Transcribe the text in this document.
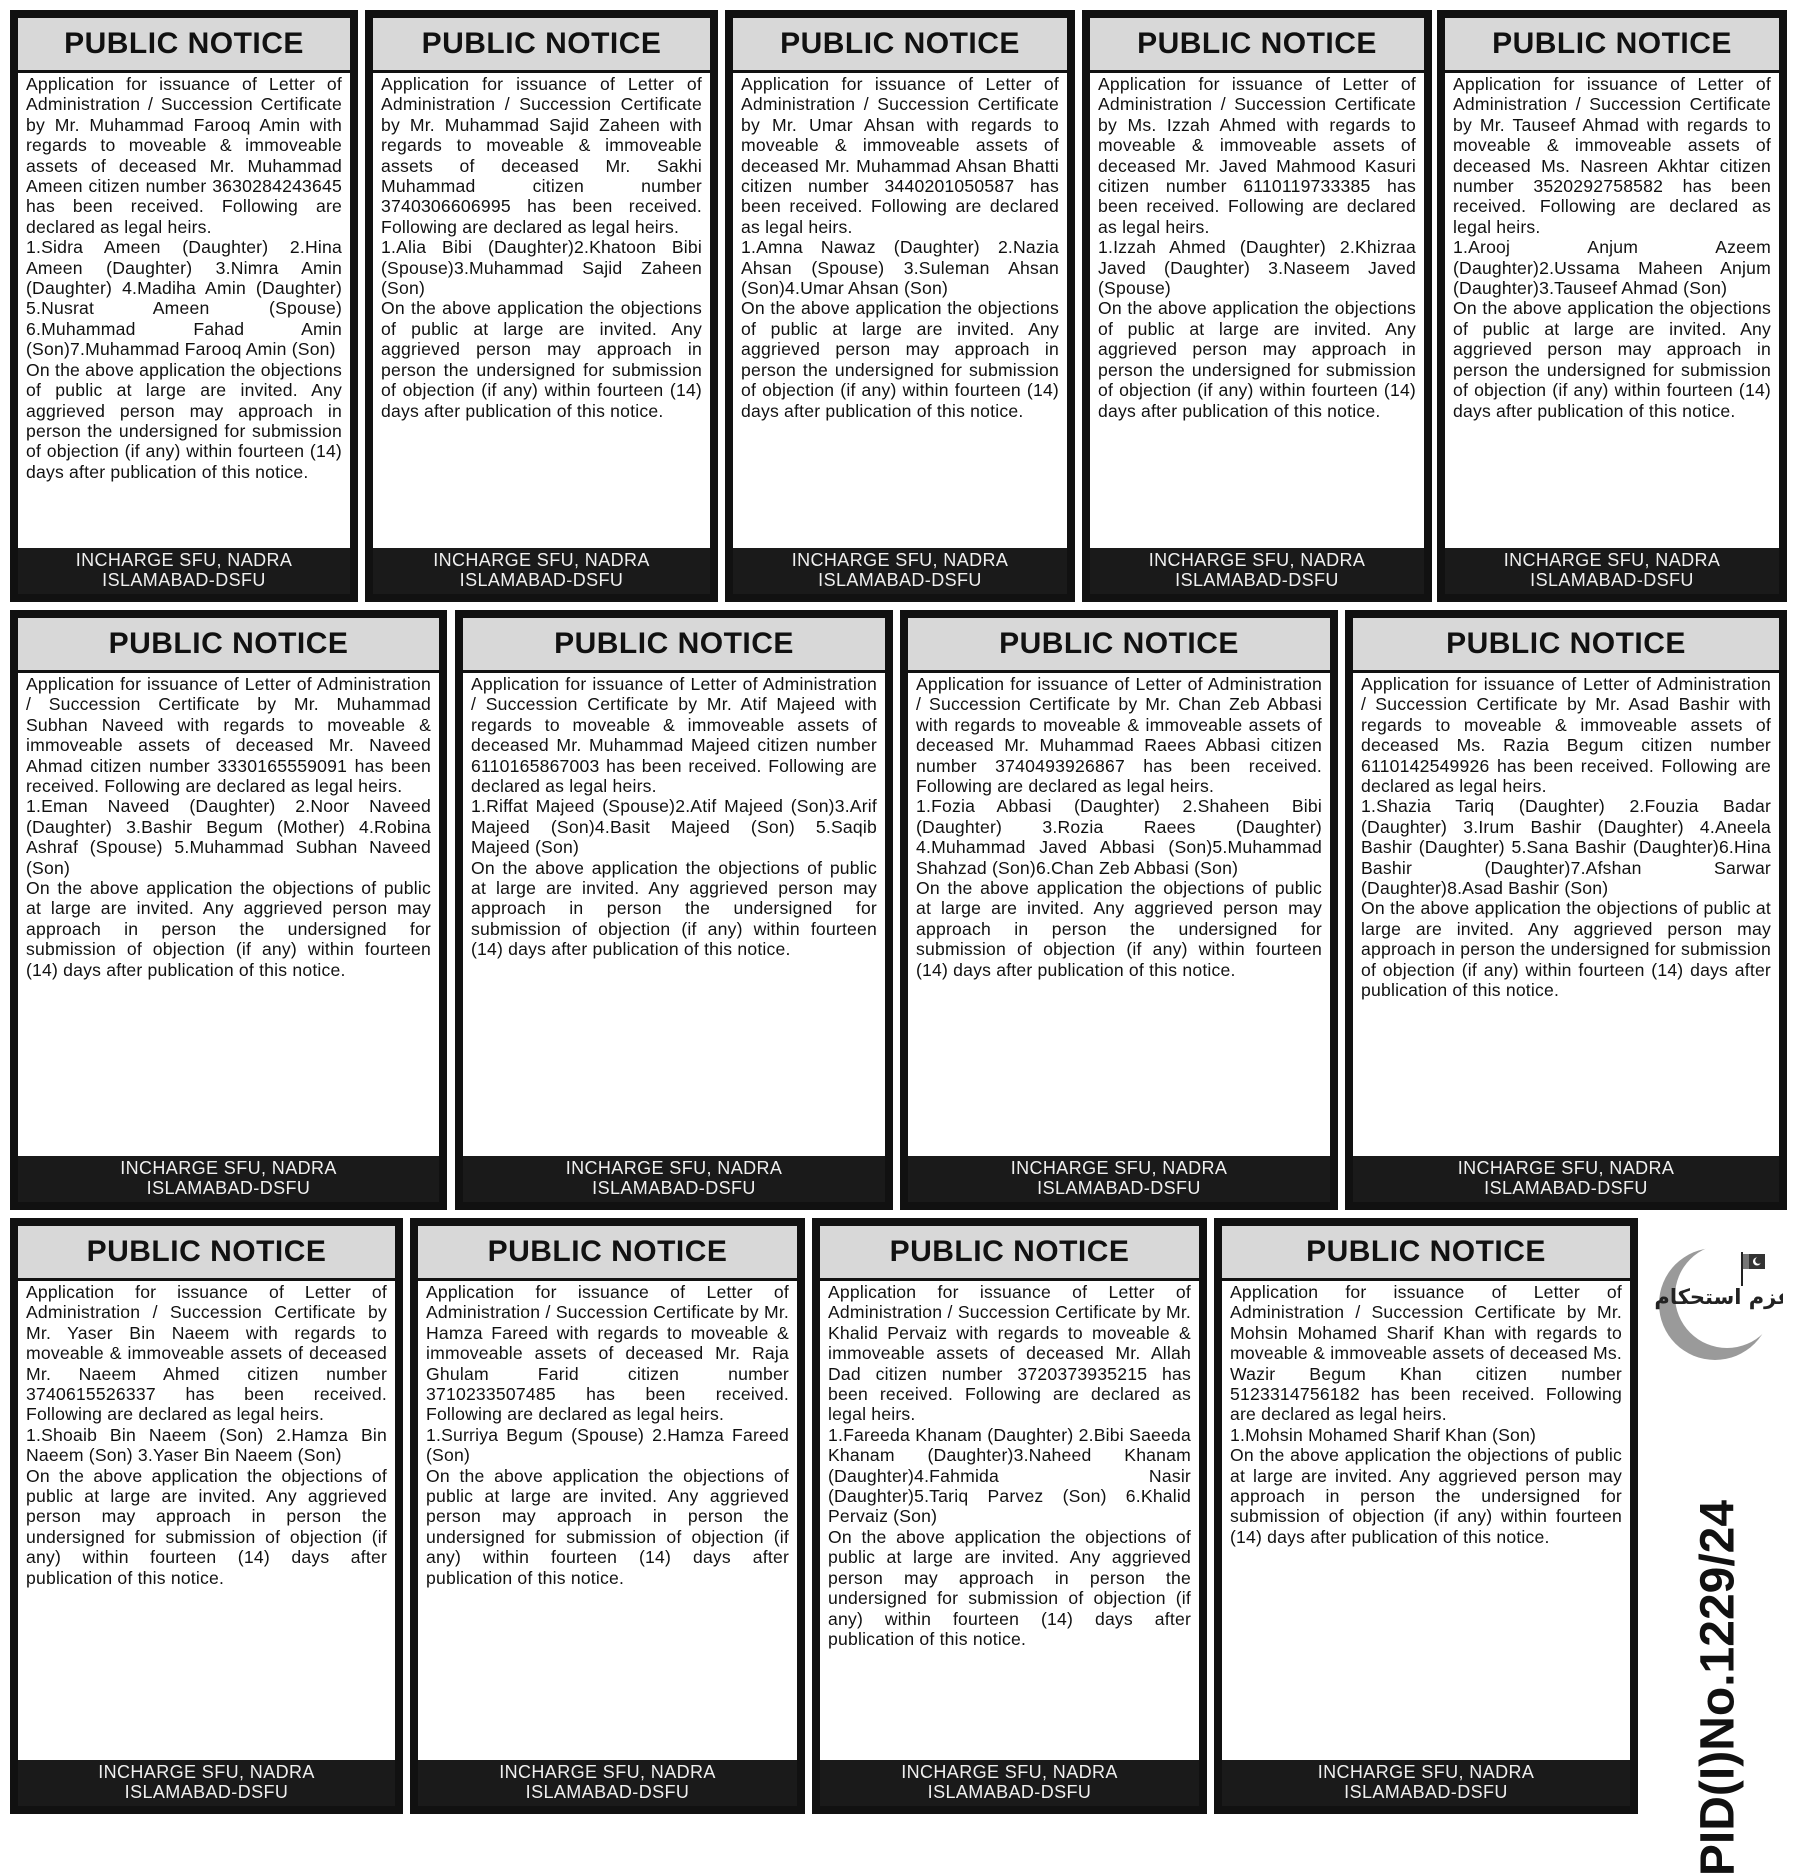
PUBLIC NOTICE

Application for issuance of Letter of Administration / Succession Certificate by Mr. Muhammad Farooq Amin with regards to moveable & immoveable assets of deceased Mr. Muhammad Ameen citizen number 3630284243645 has been received. Following are declared as legal heirs.

1.Sidra Ameen (Daughter) 2.Hina Ameen (Daughter) 3.Nimra Amin (Daughter) 4.Madiha Amin (Daughter) 5.Nusrat Ameen (Spouse) 6.Muhammad Fahad Amin (Son)7.Muhammad Farooq Amin (Son)

On the above application the objections of public at large are invited. Any aggrieved person may approach in person the undersigned for submission of objection (if any) within fourteen (14) days after publication of this notice.

INCHARGE SFU, NADRA
ISLAMABAD-DSFU
PUBLIC NOTICE

Application for issuance of Letter of Administration / Succession Certificate by Mr. Muhammad Sajid Zaheen with regards to moveable & immoveable assets of deceased Mr. Sakhi Muhammad citizen number 3740306606995 has been received. Following are declared as legal heirs.

1.Alia Bibi (Daughter)2.Khatoon Bibi (Spouse)3.Muhammad Sajid Zaheen (Son)

On the above application the objections of public at large are invited. Any aggrieved person may approach in person the undersigned for submission of objection (if any) within fourteen (14) days after publication of this notice.

INCHARGE SFU, NADRA
ISLAMABAD-DSFU
PUBLIC NOTICE

Application for issuance of Letter of Administration / Succession Certificate by Mr. Umar Ahsan with regards to moveable & immoveable assets of deceased Mr. Muhammad Ahsan Bhatti citizen number 3440201050587 has been received. Following are declared as legal heirs.

1.Amna Nawaz (Daughter) 2.Nazia Ahsan (Spouse) 3.Suleman Ahsan (Son)4.Umar Ahsan (Son)

On the above application the objections of public at large are invited. Any aggrieved person may approach in person the undersigned for submission of objection (if any) within fourteen (14) days after publication of this notice.

INCHARGE SFU, NADRA
ISLAMABAD-DSFU
PUBLIC NOTICE

Application for issuance of Letter of Administration / Succession Certificate by Ms. Izzah Ahmed with regards to moveable & immoveable assets of deceased Mr. Javed Mahmood Kasuri citizen number 6110119733385 has been received. Following are declared as legal heirs.

1.Izzah Ahmed (Daughter) 2.Khizraa Javed (Daughter) 3.Naseem Javed (Spouse)

On the above application the objections of public at large are invited. Any aggrieved person may approach in person the undersigned for submission of objection (if any) within fourteen (14) days after publication of this notice.

INCHARGE SFU, NADRA
ISLAMABAD-DSFU
PUBLIC NOTICE

Application for issuance of Letter of Administration / Succession Certificate by Mr. Tauseef Ahmad with regards to moveable & immoveable assets of deceased Ms. Nasreen Akhtar citizen number 3520292758582 has been received. Following are declared as legal heirs.

1.Arooj Anjum Azeem (Daughter)2.Ussama Maheen Anjum (Daughter)3.Tauseef Ahmad (Son)

On the above application the objections of public at large are invited. Any aggrieved person may approach in person the undersigned for submission of objection (if any) within fourteen (14) days after publication of this notice.

INCHARGE SFU, NADRA
ISLAMABAD-DSFU
PUBLIC NOTICE

Application for issuance of Letter of Administration / Succession Certificate by Mr. Muhammad Subhan Naveed with regards to moveable & immoveable assets of deceased Mr. Naveed Ahmad citizen number 3330165559091 has been received. Following are declared as legal heirs.

1.Eman Naveed (Daughter) 2.Noor Naveed (Daughter) 3.Bashir Begum (Mother) 4.Robina Ashraf (Spouse) 5.Muhammad Subhan Naveed (Son)

On the above application the objections of public at large are invited. Any aggrieved person may approach in person the undersigned for submission of objection (if any) within fourteen (14) days after publication of this notice.

INCHARGE SFU, NADRA
ISLAMABAD-DSFU
PUBLIC NOTICE

Application for issuance of Letter of Administration / Succession Certificate by Mr. Atif Majeed with regards to moveable & immoveable assets of deceased Mr. Muhammad Majeed citizen number 6110165867003 has been received. Following are declared as legal heirs.

1.Riffat Majeed (Spouse)2.Atif Majeed (Son)3.Arif Majeed (Son)4.Basit Majeed (Son) 5.Saqib Majeed (Son)

On the above application the objections of public at large are invited. Any aggrieved person may approach in person the undersigned for submission of objection (if any) within fourteen (14) days after publication of this notice.

INCHARGE SFU, NADRA
ISLAMABAD-DSFU
PUBLIC NOTICE

Application for issuance of Letter of Administration / Succession Certificate by Mr. Chan Zeb Abbasi with regards to moveable & immoveable assets of deceased Mr. Muhammad Raees Abbasi citizen number 3740493926867 has been received. Following are declared as legal heirs.

1.Fozia Abbasi (Daughter) 2.Shaheen Bibi (Daughter) 3.Rozia Raees (Daughter) 4.Muhammad Javed Abbasi (Son)5.Muhammad Shahzad (Son)6.Chan Zeb Abbasi (Son)

On the above application the objections of public at large are invited. Any aggrieved person may approach in person the undersigned for submission of objection (if any) within fourteen (14) days after publication of this notice.

INCHARGE SFU, NADRA
ISLAMABAD-DSFU
PUBLIC NOTICE

Application for issuance of Letter of Administration / Succession Certificate by Mr. Asad Bashir with regards to moveable & immoveable assets of deceased Ms. Razia Begum citizen number 6110142549926 has been received. Following are declared as legal heirs.

1.Shazia Tariq (Daughter) 2.Fouzia Badar (Daughter) 3.Irum Bashir (Daughter) 4.Aneela Bashir (Daughter) 5.Sana Bashir (Daughter)6.Hina Bashir (Daughter)7.Afshan Sarwar (Daughter)8.Asad Bashir (Son)

On the above application the objections of public at large are invited. Any aggrieved person may approach in person the undersigned for submission of objection (if any) within fourteen (14) days after publication of this notice.

INCHARGE SFU, NADRA
ISLAMABAD-DSFU
PUBLIC NOTICE

Application for issuance of Letter of Administration / Succession Certificate by Mr. Yaser Bin Naeem with regards to moveable & immoveable assets of deceased Mr. Naeem Ahmed citizen number 3740615526337 has been received. Following are declared as legal heirs.

1.Shoaib Bin Naeem (Son) 2.Hamza Bin Naeem (Son) 3.Yaser Bin Naeem (Son)

On the above application the objections of public at large are invited. Any aggrieved person may approach in person the undersigned for submission of objection (if any) within fourteen (14) days after publication of this notice.

INCHARGE SFU, NADRA
ISLAMABAD-DSFU
PUBLIC NOTICE

Application for issuance of Letter of Administration / Succession Certificate by Mr. Hamza Fareed with regards to moveable & immoveable assets of deceased Mr. Raja Ghulam Farid citizen number 3710233507485 has been received. Following are declared as legal heirs.

1.Surriya Begum (Spouse) 2.Hamza Fareed (Son)

On the above application the objections of public at large are invited. Any aggrieved person may approach in person the undersigned for submission of objection (if any) within fourteen (14) days after publication of this notice.

INCHARGE SFU, NADRA
ISLAMABAD-DSFU
PUBLIC NOTICE

Application for issuance of Letter of Administration / Succession Certificate by Mr. Khalid Pervaiz with regards to moveable & immoveable assets of deceased Mr. Allah Dad citizen number 3720373935215 has been received. Following are declared as legal heirs.

1.Fareeda Khanam (Daughter) 2.Bibi Saeeda Khanam (Daughter)3.Naheed Khanam (Daughter)4.Fahmida Nasir (Daughter)5.Tariq Parvez (Son) 6.Khalid Pervaiz (Son)

On the above application the objections of public at large are invited. Any aggrieved person may approach in person the undersigned for submission of objection (if any) within fourteen (14) days after publication of this notice.

INCHARGE SFU, NADRA
ISLAMABAD-DSFU
PUBLIC NOTICE

Application for issuance of Letter of Administration / Succession Certificate by Mr. Mohsin Mohamed Sharif Khan with regards to moveable & immoveable assets of deceased Ms. Wazir Begum Khan citizen number 5123314756182 has been received. Following are declared as legal heirs.

1.Mohsin Mohamed Sharif Khan (Son)

On the above application the objections of public at large are invited. Any aggrieved person may approach in person the undersigned for submission of objection (if any) within fourteen (14) days after publication of this notice.

INCHARGE SFU, NADRA
ISLAMABAD-DSFU
عزم استحکام
PID(I)No.1229/24
